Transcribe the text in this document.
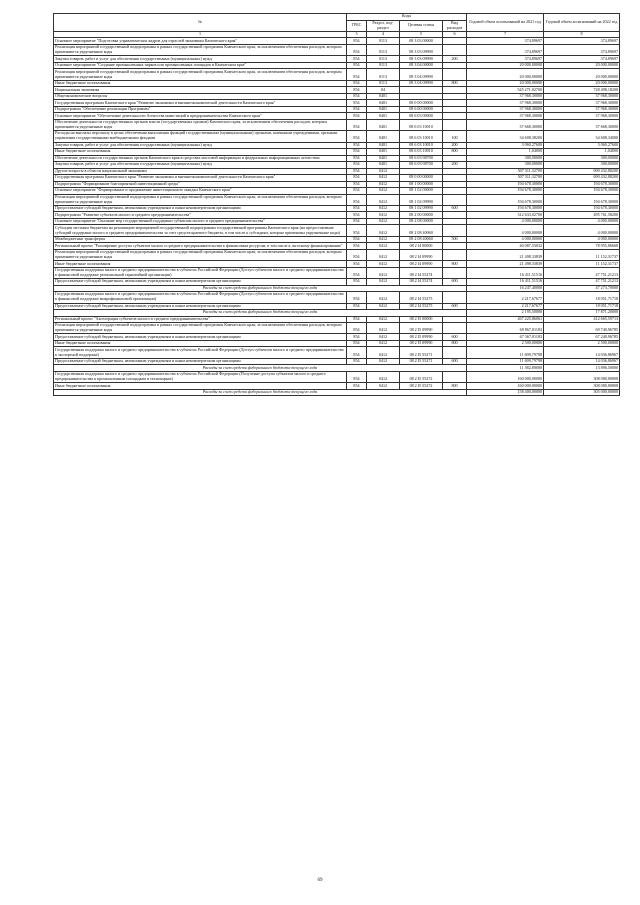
№	Коды				Годовой объем ассигнований на 2021 год	Годовой объем ассигнований на 2022 год
	ГРБС	Раздел, под-раздел	Целевая статья	Вид расходов		
1	3	4	5	6	7	8
Основное мероприятие "Подготовка управленческих кадров для отраслей экономики Камчатского края"	854	0113	08 3 03 00000		374,89697	374,89697
Реализация мероприятий государственной подпрограммы в рамках государственной программы Камчатского края, за исключением обеспечения расходов, которым применяются укрупненные коды	854	0113	08 3 03 09990		374,89697	374,89697
Закупка товаров, работ и услуг для обеспечения государственных (муниципальных) нужд	854	0113	08 3 03 09990	200	374,89697	374,89697
Основное мероприятие "Создание промышленных парков или промышленных площадок в Камчатском крае"	854	0113	08 3 04 00000		20 000,00000	20 000,00000
Реализация мероприятий государственной подпрограммы в рамках государственной программы Камчатского края, за исключением обеспечения расходов, которым применяются укрупненные коды	854	0113	08 3 04 09990		20 000,00000	20 000,00000
Иные бюджетные ассигнования	854	0113	08 3 04 09990	800	20 000,00000	20 000,00000
Национальная экономика	854	04			545 271,02700	728 498,18200
Общеэкономические вопросы	854	0401			37 968,30000	37 968,30000
Государственная программа Камчатского края "Развитие экономики и внешнеэкономической деятельности Камчатского края"	854	0401	08 0 00 00000		37 968,30000	37 968,30000
Подпрограмма "Обеспечение реализации Программы"	854	0401	08 6 00 00000		37 968,30000	37 968,30000
Основное мероприятие "Обеспечение деятельности Агентства инвестиций и предпринимательства Камчатского края"	854	0401	08 6 03 00000		37 968,30000	37 968,30000
Обеспечение деятельности государственных органов власти (государственных органов) Камчатского края, за исключением обеспечения расходов, которым применяются укрупненные коды	854	0401	08 6 03 10010		37 668,30000	37 668,30000
Расходы на выплаты персоналу в целях обеспечения выполнения функций государственными (муниципальными) органами, казенными учреждениями, органами управления государственными внебюджетными фондами	854	0401	08 6 03 10010	100	34 608,38200	34 608,34000
Закупка товаров, работ и услуг для обеспечения государственных (муниципальных) нужд	854	0401	08 6 03 10010	200	3 060,27600	3 060,27600
Иные бюджетные ассигнования	854	0401	08 6 03 10010	800	1,04000	1,04000
Обеспечение деятельности государственных органов Камчатского края в средствах массовой информации и федеральных информационных агентствах	854	0401	08 6 03 98700		300,00000	300,00000
Закупка товаров, работ и услуг для обеспечения государственных (муниципальных) нужд	854	0401	08 6 03 98700	200	300,00000	300,00000
Другие вопросы в области национальной экономики	854	0412			507 311,32700	690 432,88200
Государственная программа Камчатского края "Развитие экономики и внешнеэкономической деятельности Камчатского края"	854	0412	08 0 00 00000		507 311,32700	690 432,88200
Подпрограмма "Формирование благоприятной инвестиционной среды"	854	0412	08 1 00 00000		194 678,30000	194 678,30000
Основное мероприятие "Формирование и продвижение инвестиционного имиджа Камчатского края"	854	0412	08 1 02 00000		194 678,30000	194 678,30000
Реализация мероприятий государственной подпрограммы в рамках государственной программы Камчатского края, за исключением обеспечения расходов, которым применяются укрупненные коды	854	0412	08 1 02 09990		194 678,30000	194 678,30000
Предоставление субсидий бюджетным, автономным учреждениям и иным некоммерческим организациям	854	0412	08 1 02 09990	600	194 678,30000	194 678,30000
Подпрограмма "Развитие субъектов малого и среднего предпринимательства"	854	0412	08 2 00 00000		312 633,02700	495 761,58200
Основное мероприятие "Оказание мер государственной поддержки субъектам малого и среднего предпринимательства"	854	0412	08 2 08 00000		4 000,00000	4 000,00000
Субсидии местным бюджетам на реализацию мероприятий государственной подпрограммы государственной программы Камчатского края (на предоставление субсидий поддержки малого и среднего предпринимательства за счет средств краевого бюджета, в том числе к субсидиям, которые применены укрупненные коды)	854	0412	08 2 08 40060		4 000,00000	4 000,00000
Межбюджетные трансферты	854	0412	08 2 08 40060	500	4 000,00000	4 000,00000
Региональный проект "Расширение доступа субъектов малого и среднего предпринимательства к финансовым ресурсам, в том числе к льготному финансированию"	854	0412	08 2 I4 00000		40 087,53032	78 955,86668
Реализация мероприятий государственной подпрограммы в рамках государственной программы Камчатского края, за исключением обеспечения расходов, которым применяются укрупненные коды	854	0412	08 2 I4 09990		21 498,33839	11 152,31737
Иные бюджетные ассигнования	854	0412	08 2 I4 09990	800	21 498,33839	11 152,31737
Государственная поддержка малого и среднего предпринимательства в субъектах Российской Федерации (Доступ субъектов малого и среднего предпринимательства к финансовой поддержке региональной гарантийной организации)	854	0412	08 2 I4 55274		16 411,51516	47 751,21213
Предоставление субсидий бюджетным, автономным учреждениям и иным некоммерческим организациям	854	0412	08 2 I4 55274	600	16 411,51516	47 751,21213
Расходы за счет средств федерального бюджета текущего года					16 247,40000	47 273,70000
Государственная поддержка малого и среднего предпринимательства в субъектах Российской Федерации (Доступ субъектов малого и среднего предпринимательства к финансовой поддержке микрофинансовой организации)	854	0412	08 2 I4 55275		2 217,67677	18 051,71718
Предоставление субсидий бюджетным, автономным учреждениям и иным некоммерческим организациям	854	0412	08 2 I4 55275	600	2 217,67677	18 051,71718
Расходы за счет средств федерального бюджета текущего года					2 195,50000	17 871,20000
Региональный проект "Акселерация субъектов малого и среднего предпринимательства"	854	0412	08 2 I5 00000		267 225,86061	412 665,59713
Реализация мероприятий государственной подпрограммы в рамках государственной программы Камчатского края, за исключением обеспечения расходов, которым применяются укрупненные коды	854	0412	08 2 I5 09990		69 867,01183	69 740,96785
Предоставление субсидий бюджетным, автономным учреждениям и иным некоммерческим организациям	854	0412	08 2 I5 09990	600	67 367,01183	67 240,96785
Иные бюджетные ассигнования	854	0412	08 2 I5 09990	800	2 500,00000	2 500,00000
Государственная поддержка малого и среднего предпринимательства в субъектах Российской Федерации (Доступ субъектов малого и среднего предпринимательства к экспортной поддержке)	854	0412	08 2 I5 55271		11 699,79798	14 036,86967
Предоставление субсидий бюджетным, автономным учреждениям и иным некоммерческим организациям	854	0412	08 2 I5 55271	600	11 699,79798	14 036,86967
Расходы за счет средств федерального бюджета текущего года					11 582,80000	13 896,50000
Государственная поддержка малого и среднего предпринимательства в субъектах Российской Федерации (Получение доступа субъектов малого и среднего предпринимательства к промышленным площадкам в технопарках)	854	0412	08 2 I5 55272		160 000,00000	308 080,80808
Иные бюджетные ассигнования	854	0412	08 2 I5 55272	800	160 000,00000	308 080,80808
Расходы за счет средств федерального бюджета текущего года					158 400,00000	305 000,00000
69
